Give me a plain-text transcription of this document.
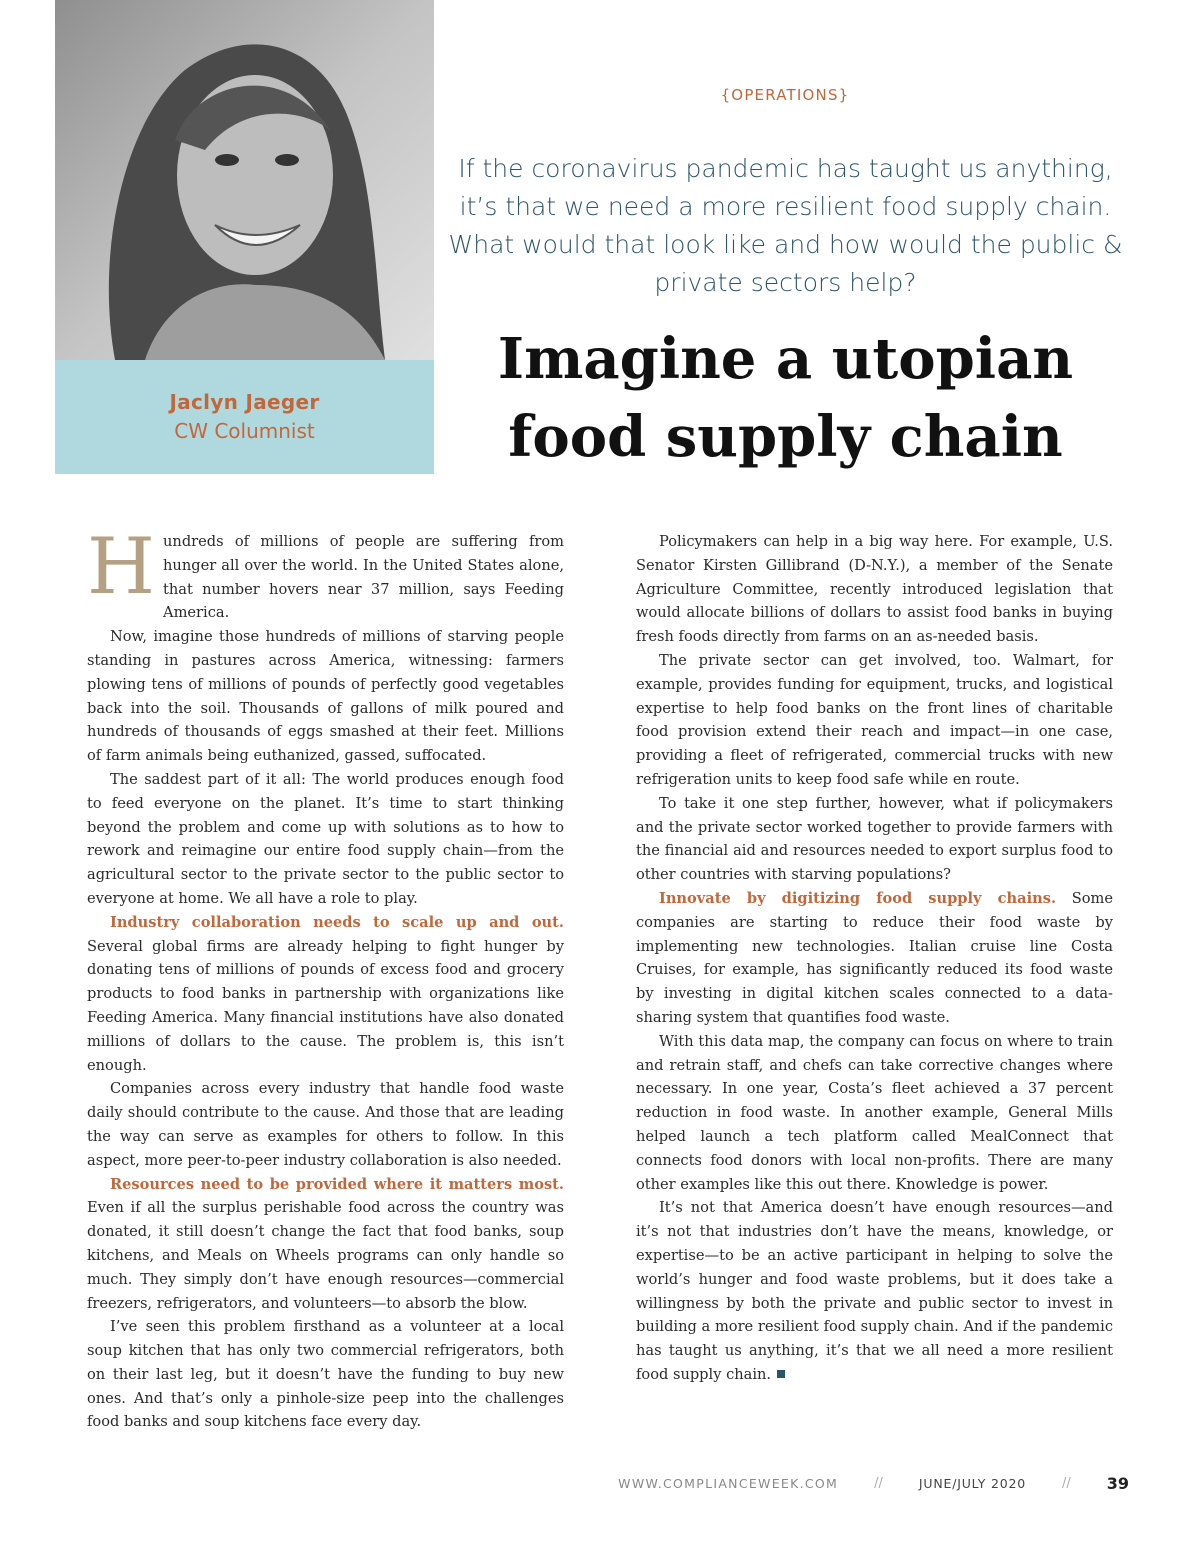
Jaclyn Jaeger
CW Columnist
{OPERATIONS}
If the coronavirus pandemic has taught us anything, it’s that we need a more resilient food supply chain. What would that look like and how would the public & private sectors help?
Imagine a utopian
food supply chain

Hundreds of millions of people are suffering from hunger all over the world. In the United States alone, that number hovers near 37 million, says Feeding America.

Now, imagine those hundreds of millions of starving people standing in pastures across America, witnessing: farmers plowing tens of millions of pounds of perfectly good vegetables back into the soil. Thousands of gallons of milk poured and hundreds of thousands of eggs smashed at their feet. Millions of farm animals being euthanized, gassed, suffocated.

The saddest part of it all: The world produces enough food to feed everyone on the planet. It’s time to start thinking beyond the problem and come up with solutions as to how to rework and reimagine our entire food supply chain—from the agricultural sector to the private sector to the public sector to everyone at home. We all have a role to play.

Industry collaboration needs to scale up and out. Several global firms are already helping to fight hunger by donating tens of millions of pounds of excess food and grocery products to food banks in partnership with organizations like Feeding America. Many financial institutions have also donated millions of dollars to the cause. The problem is, this isn’t enough.

Companies across every industry that handle food waste daily should contribute to the cause. And those that are leading the way can serve as examples for others to follow. In this aspect, more peer-to-peer industry collaboration is also needed.

Resources need to be provided where it matters most. Even if all the surplus perishable food across the country was donated, it still doesn’t change the fact that food banks, soup kitchens, and Meals on Wheels programs can only handle so much. They simply don’t have enough resources—commercial freezers, refrigerators, and volunteers—to absorb the blow.

I’ve seen this problem firsthand as a volunteer at a local soup kitchen that has only two commercial refrigerators, both on their last leg, but it doesn’t have the funding to buy new ones. And that’s only a pinhole-size peep into the challenges food banks and soup kitchens face every day.

Policymakers can help in a big way here. For example, U.S. Senator Kirsten Gillibrand (D-N.Y.), a member of the Senate Agriculture Committee, recently introduced legislation that would allocate billions of dollars to assist food banks in buying fresh foods directly from farms on an as-needed basis.

The private sector can get involved, too. Walmart, for example, provides funding for equipment, trucks, and logistical expertise to help food banks on the front lines of charitable food provision extend their reach and impact—in one case, providing a fleet of refrigerated, commercial trucks with new refrigeration units to keep food safe while en route.

To take it one step further, however, what if policymakers and the private sector worked together to provide farmers with the financial aid and resources needed to export surplus food to other countries with starving populations?

Innovate by digitizing food supply chains. Some companies are starting to reduce their food waste by implementing new technologies. Italian cruise line Costa Cruises, for example, has significantly reduced its food waste by investing in digital kitchen scales connected to a data-sharing system that quantifies food waste.

With this data map, the company can focus on where to train and retrain staff, and chefs can take corrective changes where necessary. In one year, Costa’s fleet achieved a 37 percent reduction in food waste. In another example, General Mills helped launch a tech platform called MealConnect that connects food donors with local non-profits. There are many other examples like this out there. Knowledge is power.

It’s not that America doesn’t have enough resources—and it’s not that industries don’t have the means, knowledge, or expertise—to be an active participant in helping to solve the world’s hunger and food waste problems, but it does take a willingness by both the private and public sector to invest in building a more resilient food supply chain. And if the pandemic has taught us anything, it’s that we all need a more resilient food supply chain.

WWW.COMPLIANCEWEEK.COM	//	JUNE/JULY 2020	// 39
